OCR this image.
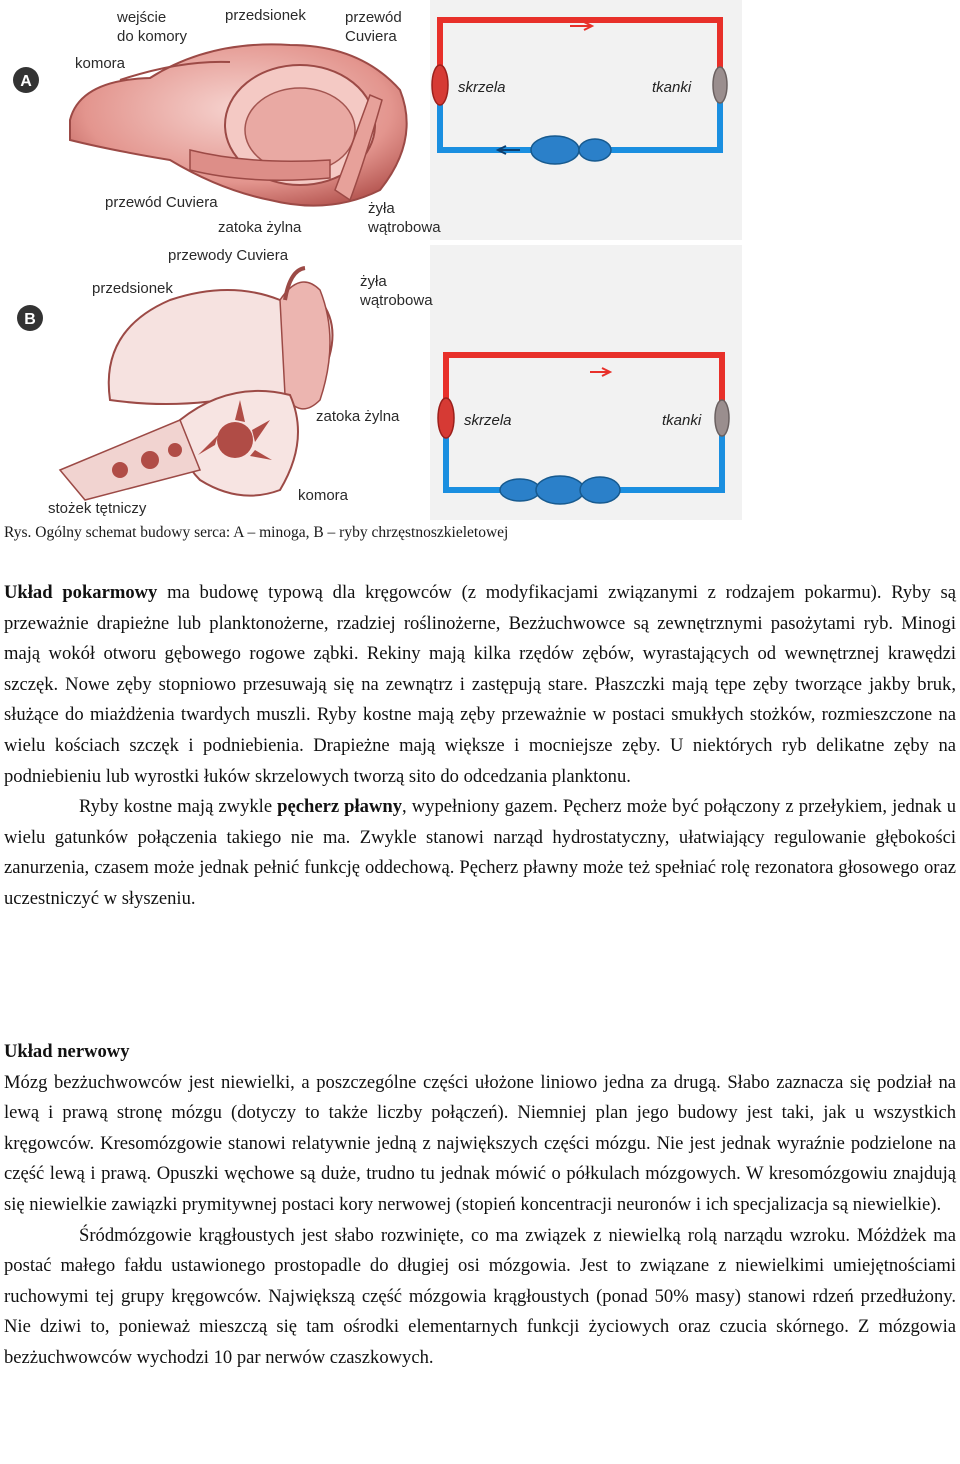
A
wejście
do komory
przedsionek	przewód
Cuviera
komora
przewód Cuviera
zatoka żylna
żyła
wątrobowa
skrzela	tkanki
B
przewody Cuviera
przedsionek	żyła
wątrobowa
zatoka żylna
komora
stożek tętniczy
skrzela	tkanki
Rys. Ogólny schemat budowy serca: A – minoga, B – ryby chrzęstnoszkieletowej

Układ pokarmowy ma budowę typową dla kręgowców (z modyfikacjami związanymi z rodzajem pokarmu). Ryby są przeważnie drapieżne lub planktonożerne, rzadziej roślinożerne, Bezżuchwowce są zewnętrznymi pasożytami ryb. Minogi mają wokół otworu gębowego rogowe ząbki. Rekiny mają kilka rzędów zębów, wyrastających od wewnętrznej krawędzi szczęk. Nowe zęby stopniowo przesuwają się na zewnątrz i zastępują stare. Płaszczki mają tępe zęby tworzące jakby bruk, służące do miażdżenia twardych muszli. Ryby kostne mają zęby przeważnie w postaci smukłych stożków, rozmieszczone na wielu kościach szczęk i podniebienia. Drapieżne mają większe i mocniejsze zęby. U niektórych ryb delikatne zęby na podniebieniu lub wyrostki łuków skrzelowych tworzą sito do odcedzania planktonu.

Ryby kostne mają zwykle pęcherz pławny, wypełniony gazem. Pęcherz może być połączony z przełykiem, jednak u wielu gatunków połączenia takiego nie ma. Zwykle stanowi narząd hydrostatyczny, ułatwiający regulowanie głębokości zanurzenia, czasem może jednak pełnić funkcję oddechową. Pęcherz pławny może też spełniać rolę rezonatora głosowego oraz uczestniczyć w słyszeniu.

Układ nerwowy

Mózg bezżuchwowców jest niewielki, a poszczególne części ułożone liniowo jedna za drugą. Słabo zaznacza się podział na lewą i prawą stronę mózgu (dotyczy to także liczby połączeń). Niemniej plan jego budowy jest taki, jak u wszystkich kręgowców. Kresomózgowie stanowi relatywnie jedną z największych części mózgu. Nie jest jednak wyraźnie podzielone na część lewą i prawą. Opuszki węchowe są duże, trudno tu jednak mówić o półkulach mózgowych. W kresomózgowiu znajdują się niewielkie zawiązki prymitywnej postaci kory nerwowej (stopień koncentracji neuronów i ich specjalizacja są niewielkie).

Śródmózgowie krągłoustych jest słabo rozwinięte, co ma związek z niewielką rolą narządu wzroku. Móżdżek ma postać małego fałdu ustawionego prostopadle do długiej osi mózgowia. Jest to związane z niewielkimi umiejętnościami ruchowymi tej grupy kręgowców. Największą część mózgowia krągłoustych (ponad 50% masy) stanowi rdzeń przedłużony. Nie dziwi to, ponieważ mieszczą się tam ośrodki elementarnych funkcji życiowych oraz czucia skórnego. Z mózgowia bezżuchwowców wychodzi 10 par nerwów czaszkowych.
